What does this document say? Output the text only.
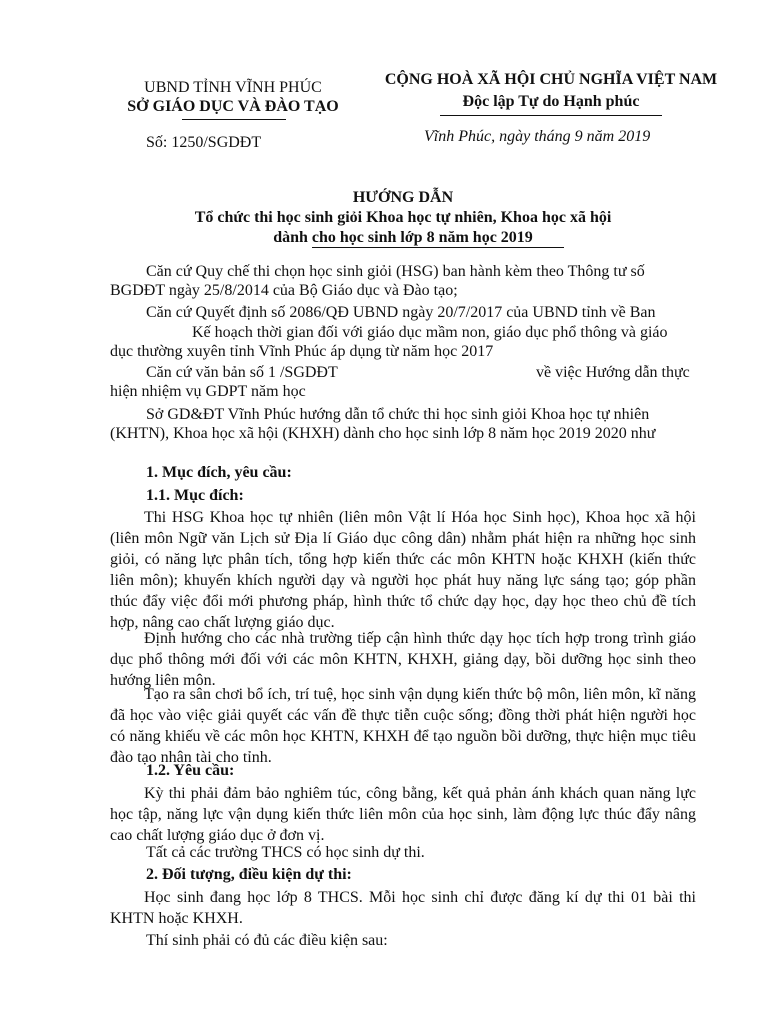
UBND TỈNH VĨNH PHÚC
SỞ GIÁO DỤC VÀ ĐÀO TẠO
Số: 1250/SGDĐT
CỘNG HOÀ XÃ HỘI CHỦ NGHĨA VIỆT NAM
Độc lập Tự do Hạnh phúc
Vĩnh Phúc, ngày tháng 9 năm 2019
HƯỚNG DẪN
Tổ chức thi học sinh giỏi Khoa học tự nhiên, Khoa học xã hội
dành cho học sinh lớp 8 năm học 2019
Căn cứ Quy chế thi chọn học sinh giỏi (HSG) ban hành kèm theo Thông tư số
BGDĐT ngày 25/8/2014 của Bộ Giáo dục và Đào tạo;
Căn cứ Quyết định số 2086/QĐ UBND ngày 20/7/2017 của UBND tỉnh về Ban
Kế hoạch thời gian đối với giáo dục mầm non, giáo dục phổ thông và giáo
dục thường xuyên tỉnh Vĩnh Phúc áp dụng từ năm học 2017
Căn cứ văn bản số 1 /SGDĐT	về việc Hướng dẫn thực
hiện nhiệm vụ GDPT năm học
Sở GD&ĐT Vĩnh Phúc hướng dẫn tổ chức thi học sinh giỏi Khoa học tự nhiên
(KHTN), Khoa học xã hội (KHXH) dành cho học sinh lớp 8 năm học 2019 2020 như
1. Mục đích, yêu cầu:
1.1. Mục đích:
Thi HSG Khoa học tự nhiên (liên môn Vật lí Hóa học Sinh học), Khoa học xã hội (liên môn Ngữ văn Lịch sử Địa lí Giáo dục công dân) nhằm phát hiện ra những học sinh giỏi, có năng lực phân tích, tổng hợp kiến thức các môn KHTN hoặc KHXH (kiến thức liên môn); khuyến khích người dạy và người học phát huy năng lực sáng tạo; góp phần thúc đẩy việc đổi mới phương pháp, hình thức tổ chức dạy học, dạy học theo chủ đề tích hợp, nâng cao chất lượng giáo dục.
Định hướng cho các nhà trường tiếp cận hình thức dạy học tích hợp trong trình giáo dục phổ thông mới đối với các môn KHTN, KHXH, giảng dạy, bồi dưỡng học sinh theo hướng liên môn.
Tạo ra sân chơi bổ ích, trí tuệ, học sinh vận dụng kiến thức bộ môn, liên môn, kĩ năng đã học vào việc giải quyết các vấn đề thực tiễn cuộc sống; đồng thời phát hiện người học có năng khiếu về các môn học KHTN, KHXH để tạo nguồn bồi dưỡng, thực hiện mục tiêu đào tạo nhân tài cho tỉnh.
1.2. Yêu cầu:
Kỳ thi phải đảm bảo nghiêm túc, công bằng, kết quả phản ánh khách quan năng lực học tập, năng lực vận dụng kiến thức liên môn của học sinh, làm động lực thúc đẩy nâng cao chất lượng giáo dục ở đơn vị.
Tất cả các trường THCS có học sinh dự thi.
2. Đối tượng, điều kiện dự thi:
Học sinh đang học lớp 8 THCS. Mỗi học sinh chỉ được đăng kí dự thi 01 bài thi KHTN hoặc KHXH.
Thí sinh phải có đủ các điều kiện sau:
